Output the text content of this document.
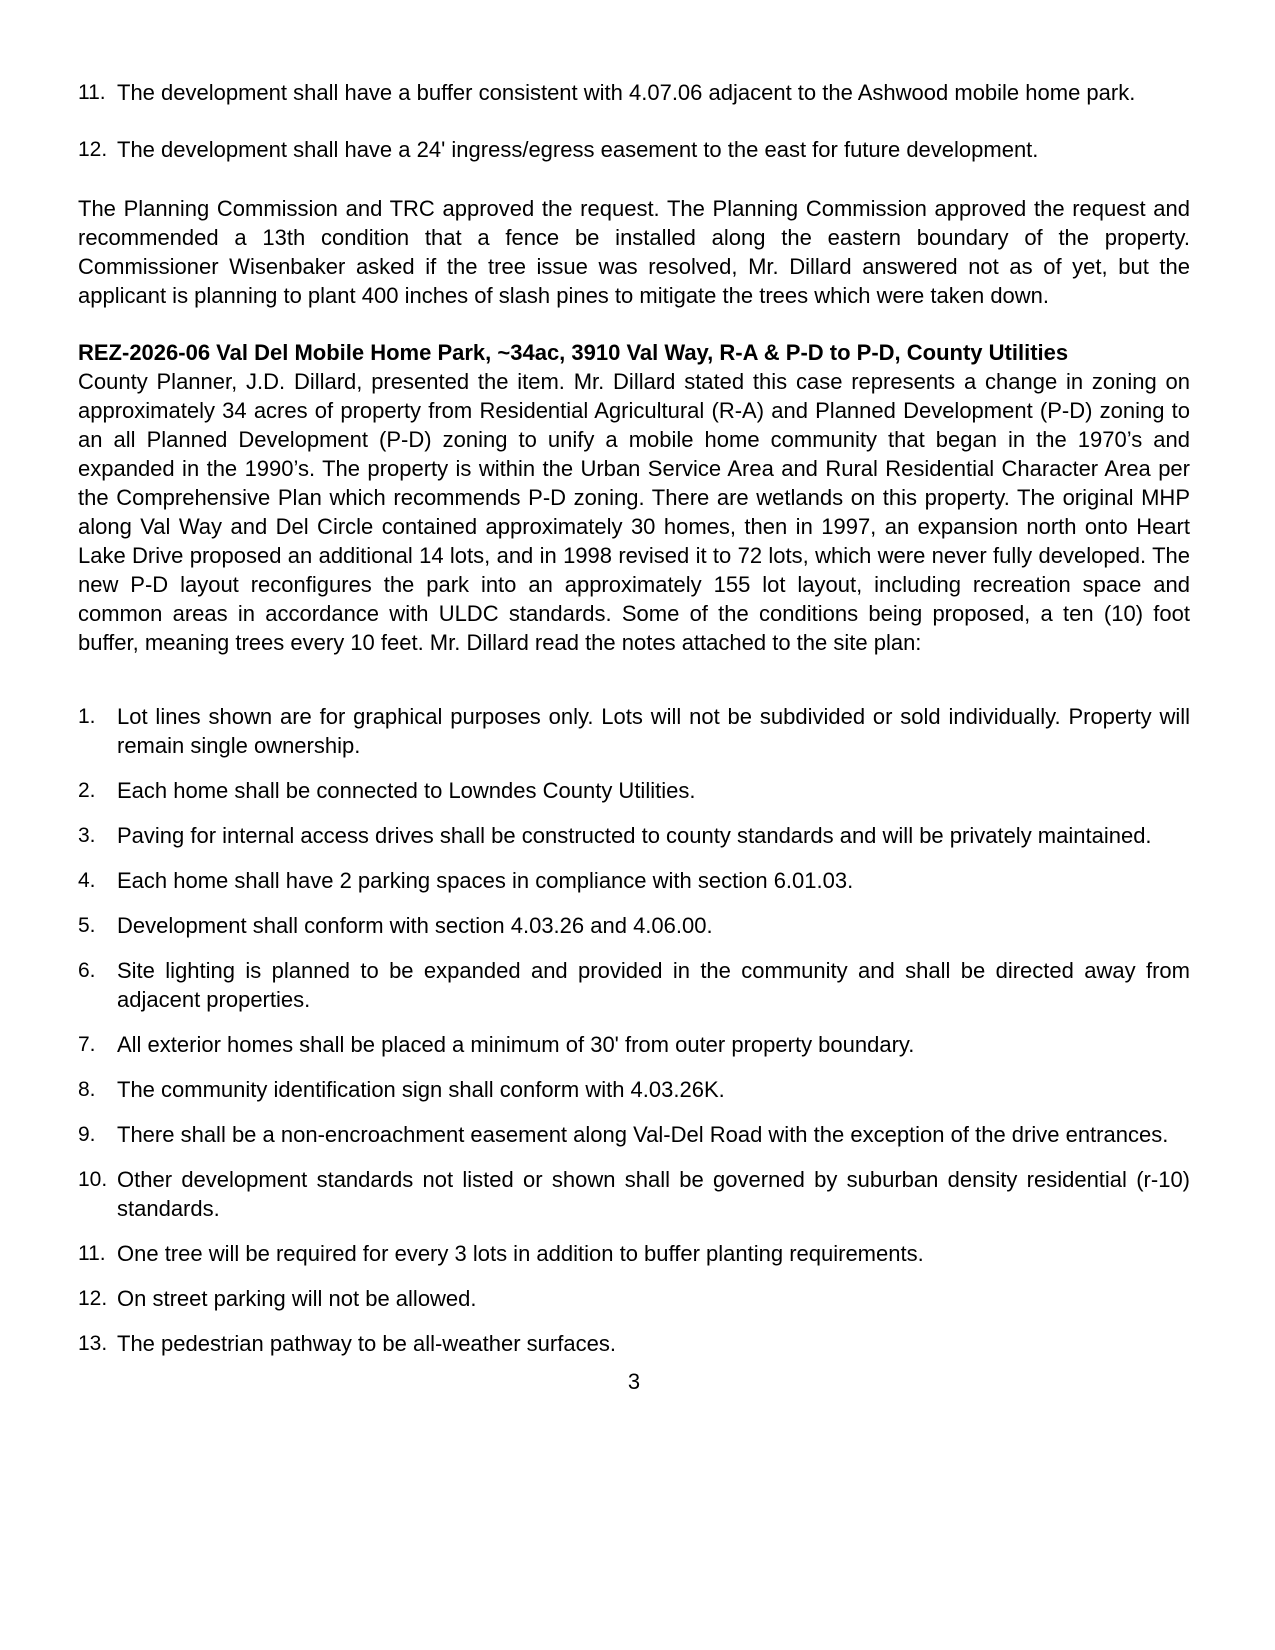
11. The development shall have a buffer consistent with 4.07.06 adjacent to the Ashwood mobile home park.
12. The development shall have a 24' ingress/egress easement to the east for future development.
The Planning Commission and TRC approved the request. The Planning Commission approved the request and recommended a 13th condition that a fence be installed along the eastern boundary of the property. Commissioner Wisenbaker asked if the tree issue was resolved, Mr. Dillard answered not as of yet, but the applicant is planning to plant 400 inches of slash pines to mitigate the trees which were taken down.
REZ-2026-06 Val Del Mobile Home Park, ~34ac, 3910 Val Way, R-A & P-D to P-D, County Utilities
County Planner, J.D. Dillard, presented the item. Mr. Dillard stated this case represents a change in zoning on approximately 34 acres of property from Residential Agricultural (R-A) and Planned Development (P-D) zoning to an all Planned Development (P-D) zoning to unify a mobile home community that began in the 1970’s and expanded in the 1990’s. The property is within the Urban Service Area and Rural Residential Character Area per the Comprehensive Plan which recommends P-D zoning. There are wetlands on this property. The original MHP along Val Way and Del Circle contained approximately 30 homes, then in 1997, an expansion north onto Heart Lake Drive proposed an additional 14 lots, and in 1998 revised it to 72 lots, which were never fully developed. The new P-D layout reconfigures the park into an approximately 155 lot layout, including recreation space and common areas in accordance with ULDC standards. Some of the conditions being proposed, a ten (10) foot buffer, meaning trees every 10 feet. Mr. Dillard read the notes attached to the site plan:
1. Lot lines shown are for graphical purposes only. Lots will not be subdivided or sold individually. Property will remain single ownership.
2. Each home shall be connected to Lowndes County Utilities.
3. Paving for internal access drives shall be constructed to county standards and will be privately maintained.
4. Each home shall have 2 parking spaces in compliance with section 6.01.03.
5. Development shall conform with section 4.03.26 and 4.06.00.
6. Site lighting is planned to be expanded and provided in the community and shall be directed away from adjacent properties.
7. All exterior homes shall be placed a minimum of 30' from outer property boundary.
8. The community identification sign shall conform with 4.03.26K.
9. There shall be a non-encroachment easement along Val-Del Road with the exception of the drive entrances.
10. Other development standards not listed or shown shall be governed by suburban density residential (r-10) standards.
11. One tree will be required for every 3 lots in addition to buffer planting requirements.
12. On street parking will not be allowed.
13. The pedestrian pathway to be all-weather surfaces.
3
